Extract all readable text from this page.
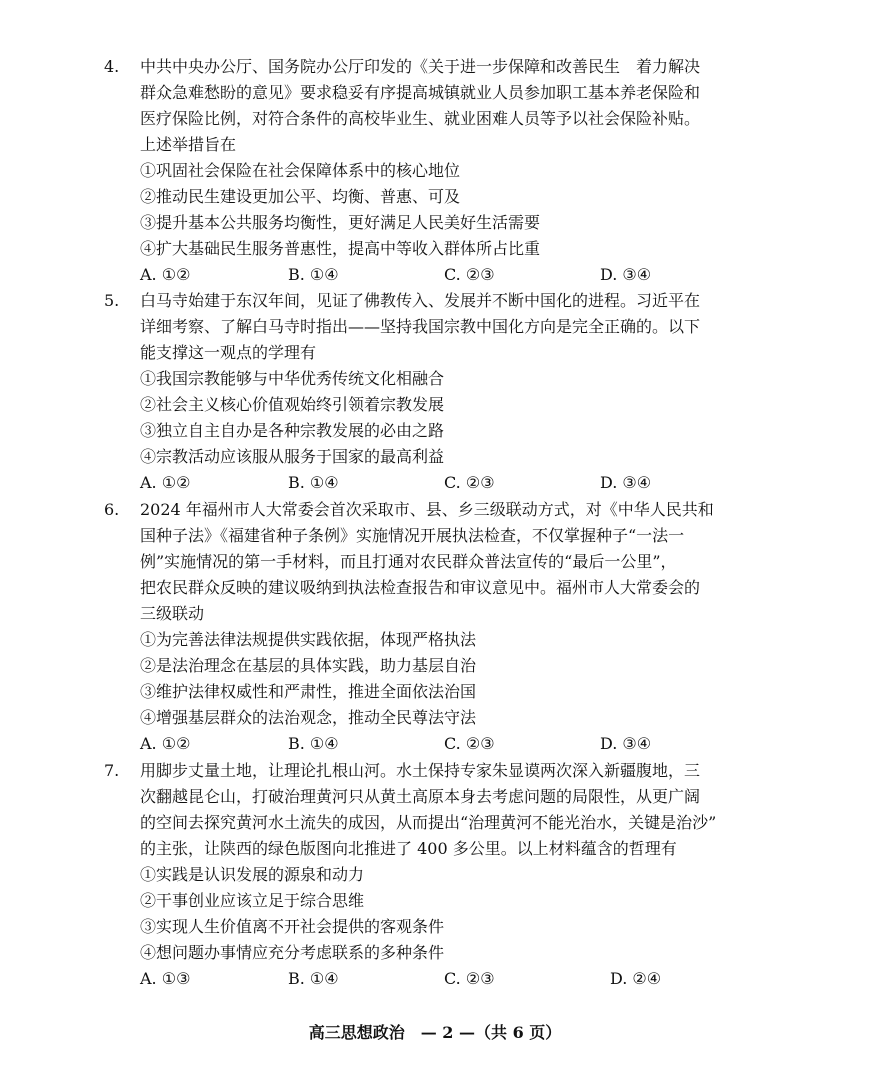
4.	中共中央办公厅、国务院办公厅印发的《关于进一步保障和改善民生　着力解决
群众急难愁盼的意见》要求稳妥有序提高城镇就业人员参加职工基本养老保险和
医疗保险比例，对符合条件的高校毕业生、就业困难人员等予以社会保险补贴。
上述举措旨在
①巩固社会保险在社会保障体系中的核心地位
②推动民生建设更加公平、均衡、普惠、可及
③提升基本公共服务均衡性，更好满足人民美好生活需要
④扩大基础民生服务普惠性，提高中等收入群体所占比重
A. ①②	B. ①④	C. ②③	D. ③④
5.	白马寺始建于东汉年间，见证了佛教传入、发展并不断中国化的进程。习近平在
详细考察、了解白马寺时指出——坚持我国宗教中国化方向是完全正确的。以下
能支撑这一观点的学理有
①我国宗教能够与中华优秀传统文化相融合
②社会主义核心价值观始终引领着宗教发展
③独立自主自办是各种宗教发展的必由之路
④宗教活动应该服从服务于国家的最高利益
A. ①②	B. ①④	C. ②③	D. ③④
6.	2024 年福州市人大常委会首次采取市、县、乡三级联动方式，对《中华人民共和
国种子法》《福建省种子条例》实施情况开展执法检查，不仅掌握种子“一法一
例”实施情况的第一手材料，而且打通对农民群众普法宣传的“最后一公里”，
把农民群众反映的建议吸纳到执法检查报告和审议意见中。福州市人大常委会的
三级联动
①为完善法律法规提供实践依据，体现严格执法
②是法治理念在基层的具体实践，助力基层自治
③维护法律权威性和严肃性，推进全面依法治国
④增强基层群众的法治观念，推动全民尊法守法
A. ①②	B. ①④	C. ②③	D. ③④
7.	用脚步丈量土地，让理论扎根山河。水土保持专家朱显谟两次深入新疆腹地，三
次翻越昆仑山，打破治理黄河只从黄土高原本身去考虑问题的局限性，从更广阔
的空间去探究黄河水土流失的成因，从而提出“治理黄河不能光治水，关键是治沙”
的主张，让陕西的绿色版图向北推进了 400 多公里。以上材料蕴含的哲理有
①实践是认识发展的源泉和动力
②干事创业应该立足于综合思维
③实现人生价值离不开社会提供的客观条件
④想问题办事情应充分考虑联系的多种条件
A. ①③	B. ①④	C. ②③	D. ②④
高三思想政治　— 2 —（共 6 页）
